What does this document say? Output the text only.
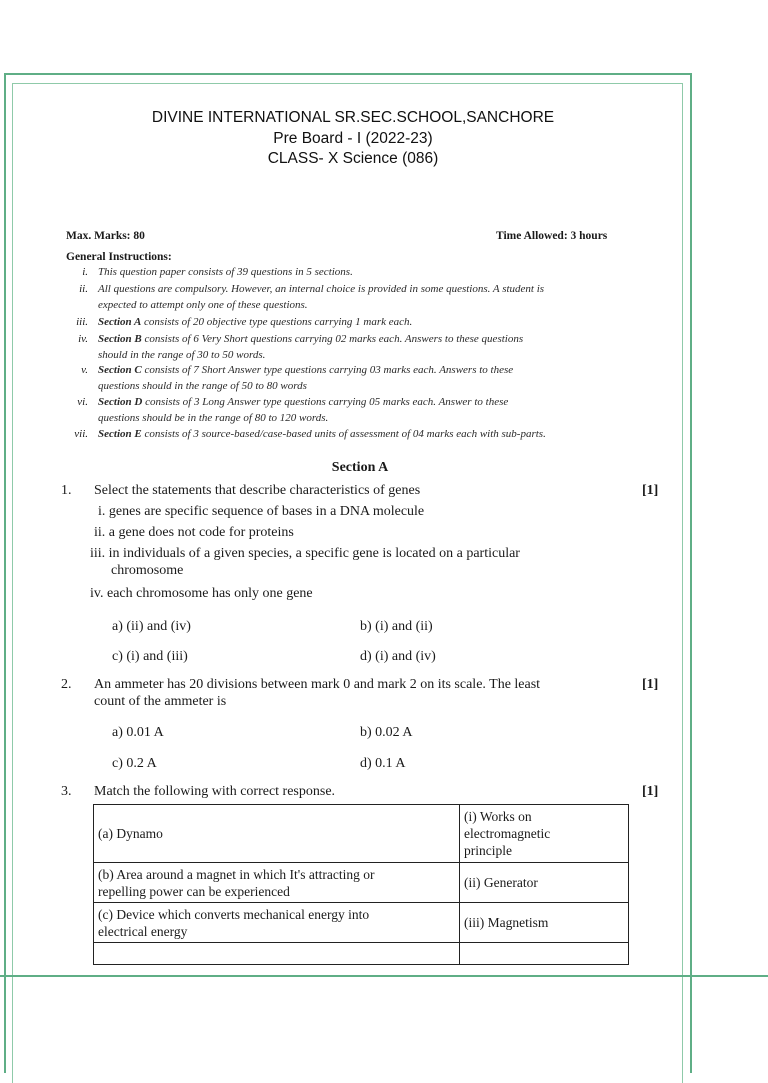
DIVINE INTERNATIONAL SR.SEC.SCHOOL,SANCHORE
Pre Board - I (2022-23)
CLASS- X Science (086)
Max. Marks: 80	Time Allowed: 3 hours
General Instructions:
i. This question paper consists of 39 questions in 5 sections.
ii. All questions are compulsory. However, an internal choice is provided in some questions. A student is
expected to attempt only one of these questions.
iii. Section A consists of 20 objective type questions carrying 1 mark each.
iv. Section B consists of 6 Very Short questions carrying 02 marks each. Answers to these questions
should in the range of 30 to 50 words.
v. Section C consists of 7 Short Answer type questions carrying 03 marks each. Answers to these
questions should in the range of 50 to 80 words
vi. Section D consists of 3 Long Answer type questions carrying 05 marks each. Answer to these
questions should be in the range of 80 to 120 words.
vii. Section E consists of 3 source-based/case-based units of assessment of 04 marks each with sub-parts.
Section A
1. Select the statements that describe characteristics of genes	[1]
i. genes are specific sequence of bases in a DNA molecule
ii. a gene does not code for proteins
iii. in individuals of a given species, a specific gene is located on a particular
chromosome
iv. each chromosome has only one gene
a) (ii) and (iv)	b) (i) and (ii)
c) (i) and (iii)	d) (i) and (iv)
2. An ammeter has 20 divisions between mark 0 and mark 2 on its scale. The least
count of the ammeter is
[1]
a) 0.01 A	b) 0.02 A
c) 0.2 A	d) 0.1 A
3. Match the following with correct response.	[1]
(a) Dynamo	(i) Works on
electromagnetic
principle

(b) Area around a magnet in which It's attracting or
repelling power can be experienced	(ii) Generator

(c) Device which converts mechanical energy into
electrical energy	(iii) Magnetism
